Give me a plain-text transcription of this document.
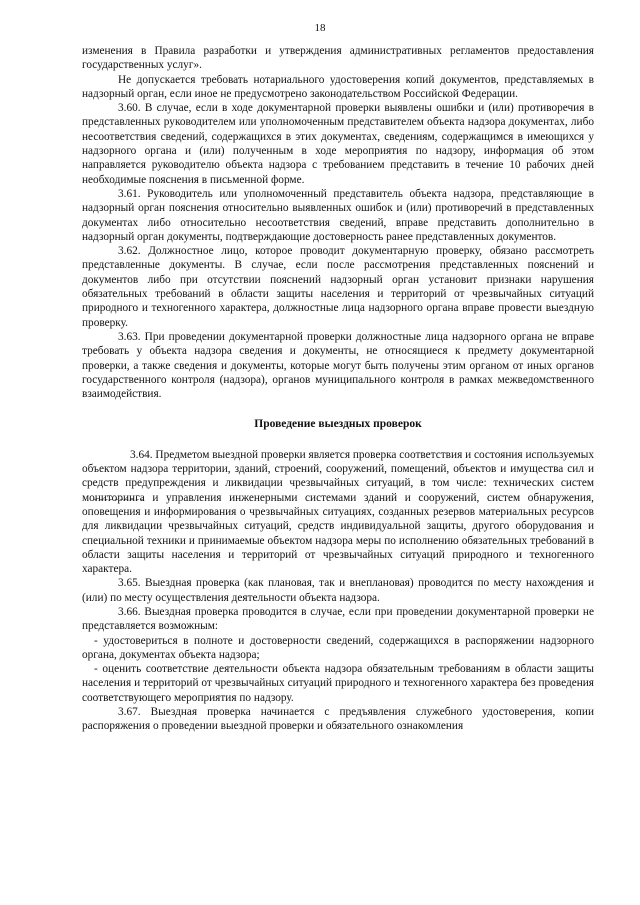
18

изменения в Правила разработки и утверждения административных регламентов предоставления государственных услуг».

Не допускается требовать нотариального удостоверения копий документов, представляемых в надзорный орган, если иное не предусмотрено законодательством Российской Федерации.

3.60. В случае, если в ходе документарной проверки выявлены ошибки и (или) противоречия в представленных руководителем или уполномоченным представителем объекта надзора документах, либо несоответствия сведений, содержащихся в этих документах, сведениям, содержащимся в имеющихся у надзорного органа и (или) полученным в ходе мероприятия по надзору, информация об этом направляется руководителю объекта надзора с требованием представить в течение 10 рабочих дней необходимые пояснения в письменной форме.

3.61. Руководитель или уполномоченный представитель объекта надзора, представляющие в надзорный орган пояснения относительно выявленных ошибок и (или) противоречий в представленных документах либо относительно несоответствия сведений, вправе представить дополнительно в надзорный орган документы, подтверждающие достоверность ранее представленных документов.

3.62. Должностное лицо, которое проводит документарную проверку, обязано рассмотреть представленные документы. В случае, если после рассмотрения представленных пояснений и документов либо при отсутствии пояснений надзорный орган установит признаки нарушения обязательных требований в области защиты населения и территорий от чрезвычайных ситуаций природного и техногенного характера, должностные лица надзорного органа вправе провести выездную проверку.

3.63. При проведении документарной проверки должностные лица надзорного органа не вправе требовать у объекта надзора сведения и документы, не относящиеся к предмету документарной проверки, а также сведения и документы, которые могут быть получены этим органом от иных органов государственного контроля (надзора), органов муниципального контроля в рамках межведомственного взаимодействия.

Проведение выездных проверок

3.64. Предметом выездной проверки является проверка соответствия и состояния используемых объектом надзора территории, зданий, строений, сооружений, помещений, объектов и имущества сил и средств предупреждения и ликвидации чрезвычайных ситуаций, в том числе: технических систем мониторинга и управления инженерными системами зданий и сооружений, систем обнаружения, оповещения и информирования о чрезвычайных ситуациях, созданных резервов материальных ресурсов для ликвидации чрезвычайных ситуаций, средств индивидуальной защиты, другого оборудования и специальной техники и принимаемые объектом надзора меры по исполнению обязательных требований в области защиты населения и территорий от чрезвычайных ситуаций природного и техногенного характера.

3.65. Выездная проверка (как плановая, так и внеплановая) проводится по месту нахождения и (или) по месту осуществления деятельности объекта надзора.

3.66. Выездная проверка проводится в случае, если при проведении документарной проверки не представляется возможным:

- удостовериться в полноте и достоверности сведений, содержащихся в распоряжении надзорного органа, документах объекта надзора;

- оценить соответствие деятельности объекта надзора обязательным требованиям в области защиты населения и территорий от чрезвычайных ситуаций природного и техногенного характера без проведения соответствующего мероприятия по надзору.

3.67. Выездная проверка начинается с предъявления служебного удостоверения, копии распоряжения о проведении выездной проверки и обязательного ознакомления
